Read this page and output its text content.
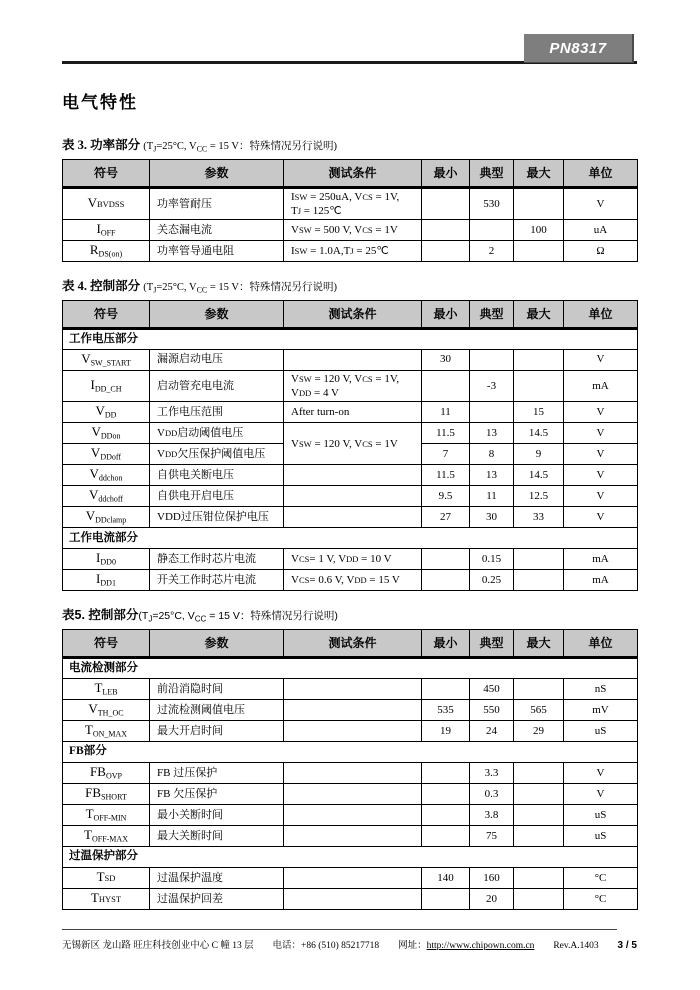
PN8317
电气特性
表 3. 功率部分 ($T_J=25^\circ C$, $V_{CC} = 15$ V：特殊情况另行说明)
符号	参数	测试条件	最小	典型	最大	单位
VBVDSS	功率管耐压	ISW = 250uA, VCS = 1V,
TJ = 125℃		530		V
$I_{OFF}$	关态漏电流	VSW = 500 V, VCS = 1V			100	uA
$R_{DS(on)}$	功率管导通电阻	ISW = 1.0A,TJ = 25℃		2		Ω
表 4. 控制部分 ($T_J=25^\circ C$, $V_{CC} = 15$ V：特殊情况另行说明)
符号	参数	测试条件	最小	典型	最大	单位
工作电压部分						
$V_{SW\_START}$	漏源启动电压		30			V
$I_{DD\_CH}$	启动管充电电流	VSW = 120 V, VCS = 1V,
VDD = 4 V		-3		mA
$V_{DD}$	工作电压范围	After turn-on	11		15	V
$V_{DDon}$	VDD启动阈值电压	VSW = 120 V, VCS = 1V	11.5	13	14.5	V
$V_{DDoff}$	VDD欠压保护阈值电压		7	8	9	V
$V_{ddchon}$	自供电关断电压		11.5	13	14.5	V
$V_{ddchoff}$	自供电开启电压		9.5	11	12.5	V
$V_{DDclamp}$	VDD过压钳位保护电压		27	30	33	V
工作电流部分						
$I_{DD0}$	静态工作时芯片电流	VCS= 1 V, VDD = 10 V		0.15		mA
$I_{DD1}$	开关工作时芯片电流	VCS= 0.6 V, VDD = 15 V		0.25		mA
表5. 控制部分($T_J=25^\circ C$, $V_{CC} = 15$ V：特殊情况另行说明)
符号	参数	测试条件	最小	典型	最大	单位
电流检测部分						
$T_{LEB}$	前沿消隐时间			450		nS
$V_{TH\_OC}$	过流检测阈值电压		535	550	565	mV
$T_{ON\_MAX}$	最大开启时间		19	24	29	uS
FB部分						
$FB_{OVP}$	FB 过压保护			3.3		V
$FB_{SHORT}$	FB 欠压保护			0.3		V
$T_{OFF-MIN}$	最小关断时间			3.8		uS
$T_{OFF-MAX}$	最大关断时间			75		uS
过温保护部分						
TSD	过温保护温度		140	160		°C
THYST	过温保护回差			20		°C
无锡新区 龙山路 旺庄科技创业中心 C 幢 13 层 电话：+86 (510) 85217718 网址：http://www.chipown.com.cn Rev.A.1403 3 / 5
